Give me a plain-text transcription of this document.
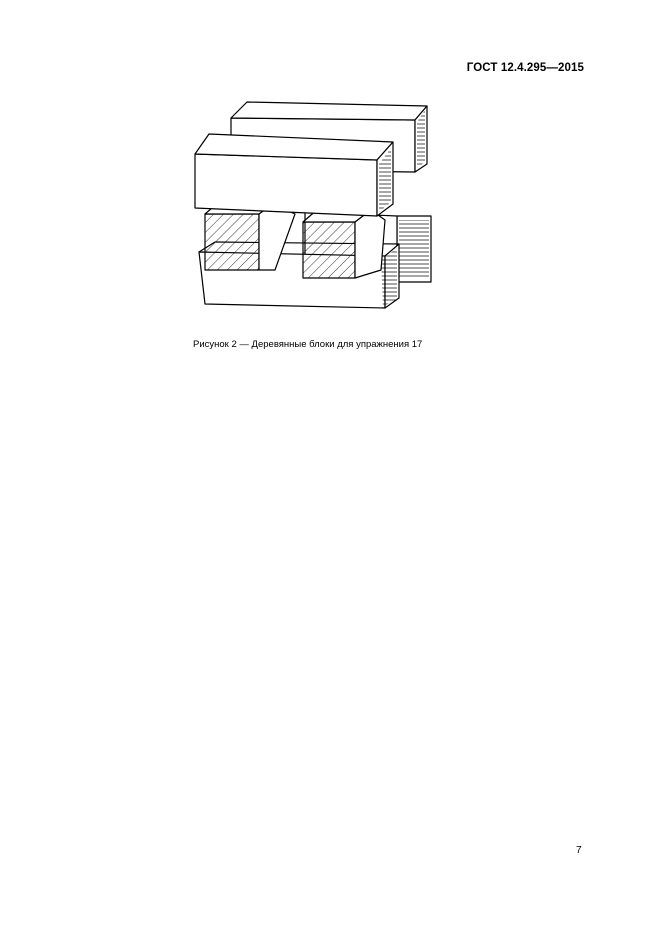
ГОСТ 12.4.295—2015
Рисунок 2 — Деревянные блоки для упражнения 17
7
